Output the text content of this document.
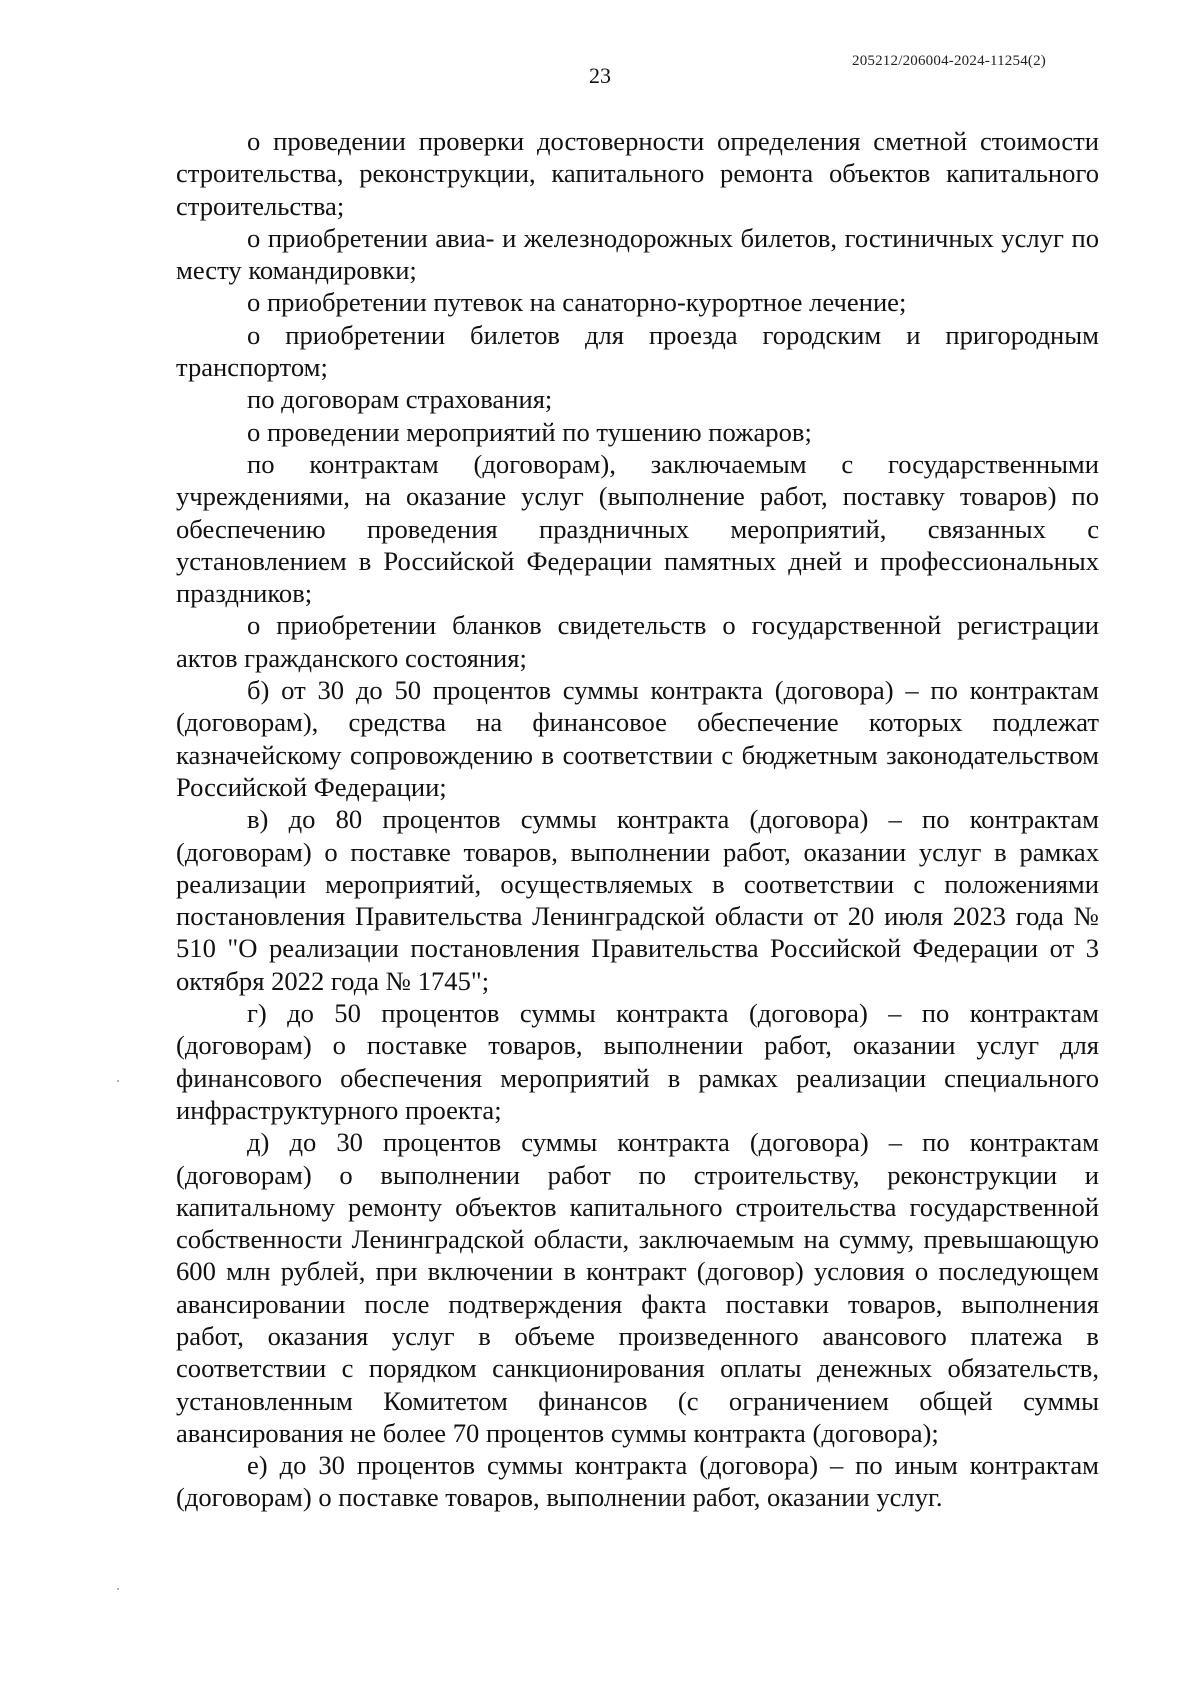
205212/206004-2024-11254(2)
23

о проведении проверки достоверности определения сметной стоимости строительства, реконструкции, капитального ремонта объектов капитального строительства;

о приобретении авиа- и железнодорожных билетов, гостиничных услуг по месту командировки;

о приобретении путевок на санаторно-курортное лечение;

о приобретении билетов для проезда городским и пригородным транспортом;

по договорам страхования;

о проведении мероприятий по тушению пожаров;

по контрактам (договорам), заключаемым с государственными учреждениями, на оказание услуг (выполнение работ, поставку товаров) по обеспечению проведения праздничных мероприятий, связанных с установлением в Российской Федерации памятных дней и профессиональных праздников;

о приобретении бланков свидетельств о государственной регистрации актов гражданского состояния;

б) от 30 до 50 процентов суммы контракта (договора) – по контрактам (договорам), средства на финансовое обеспечение которых подлежат казначейскому сопровождению в соответствии с бюджетным законодательством Российской Федерации;

в) до 80 процентов суммы контракта (договора) – по контрактам (договорам) о поставке товаров, выполнении работ, оказании услуг в рамках реализации мероприятий, осуществляемых в соответствии с положениями постановления Правительства Ленинградской области от 20 июля 2023 года № 510 "О реализации постановления Правительства Российской Федерации от 3 октября 2022 года № 1745";

г) до 50 процентов суммы контракта (договора) – по контрактам (договорам) о поставке товаров, выполнении работ, оказании услуг для финансового обеспечения мероприятий в рамках реализации специального инфраструктурного проекта;

д) до 30 процентов суммы контракта (договора) – по контрактам (договорам) о выполнении работ по строительству, реконструкции и капитальному ремонту объектов капитального строительства государственной собственности Ленинградской области, заключаемым на сумму, превышающую 600 млн рублей, при включении в контракт (договор) условия о последующем авансировании после подтверждения факта поставки товаров, выполнения работ, оказания услуг в объеме произведенного авансового платежа в соответствии с порядком санкционирования оплаты денежных обязательств, установленным Комитетом финансов (с ограничением общей суммы авансирования не более 70 процентов суммы контракта (договора);

е) до 30 процентов суммы контракта (договора) – по иным контрактам (договорам) о поставке товаров, выполнении работ, оказании услуг.
